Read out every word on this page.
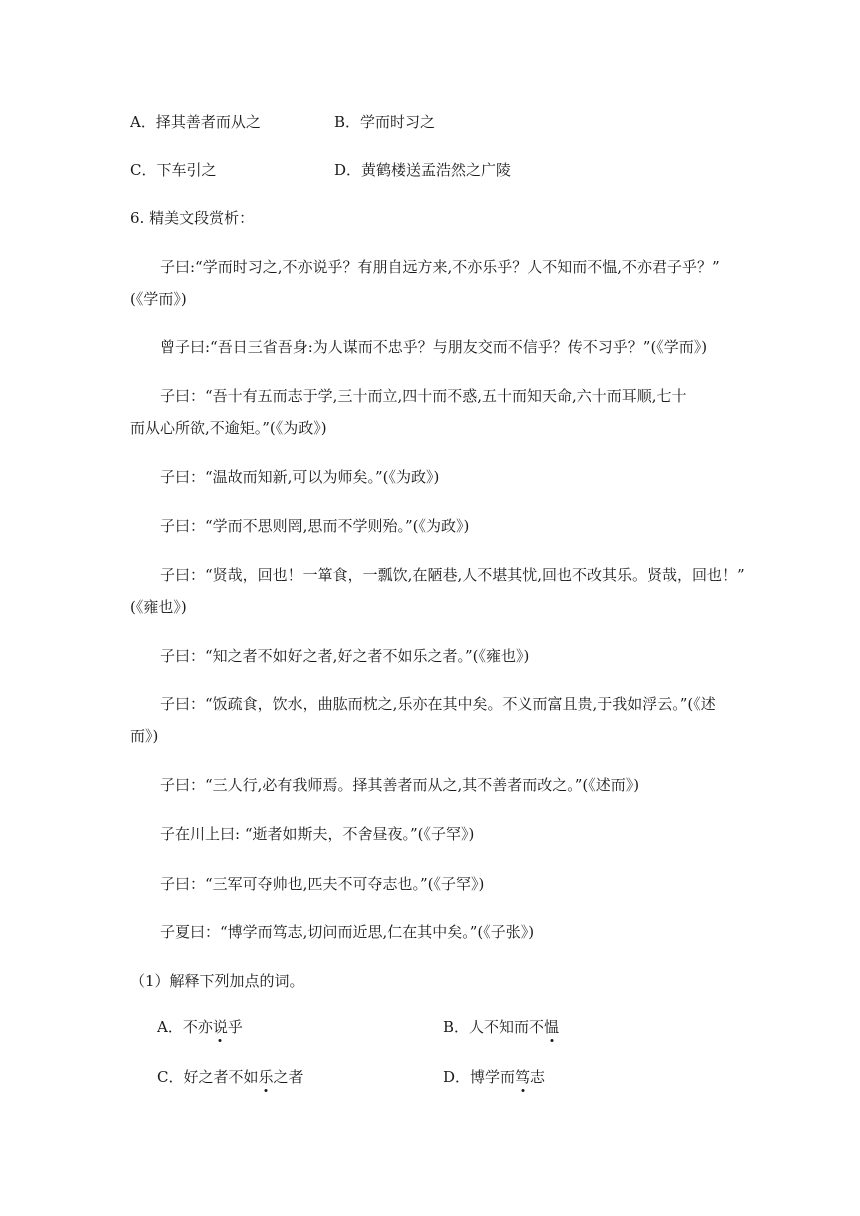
A．择其善者而从之	B．学而时习之
C．下车引之	D．黄鹤楼送孟浩然之广陵
6. 精美文段赏析：
子曰:“学而时习之,不亦说乎？有朋自远方来,不亦乐乎？人不知而不愠,不亦君子乎？”
(《学而》)
曾子曰:“吾日三省吾身:为人谋而不忠乎？与朋友交而不信乎？传不习乎？”(《学而》)
子曰：“吾十有五而志于学,三十而立,四十而不惑,五十而知天命,六十而耳顺,七十
而从心所欲,不逾矩。”(《为政》)
子曰：“温故而知新,可以为师矣。”(《为政》)
子曰：“学而不思则罔,思而不学则殆。”(《为政》)
子曰：“贤哉，回也！一箪食，一瓢饮,在陋巷,人不堪其忧,回也不改其乐。贤哉，回也！”
(《雍也》)
子曰：“知之者不如好之者,好之者不如乐之者。”(《雍也》)
子曰：“饭疏食，饮水，曲肱而枕之,乐亦在其中矣。不义而富且贵,于我如浮云。”(《述
而》)
子曰：“三人行,必有我师焉。择其善者而从之,其不善者而改之。”(《述而》)
子在川上曰: “逝者如斯夫，不舍昼夜。”(《子罕》)
子曰：“三军可夺帅也,匹夫不可夺志也。”(《子罕》)
子夏曰：“博学而笃志,切问而近思,仁在其中矣。”(《子张》)
（1）解释下列加点的词。
A．不亦说乎	B．人不知而不愠
C．好之者不如乐之者	D．博学而笃志
